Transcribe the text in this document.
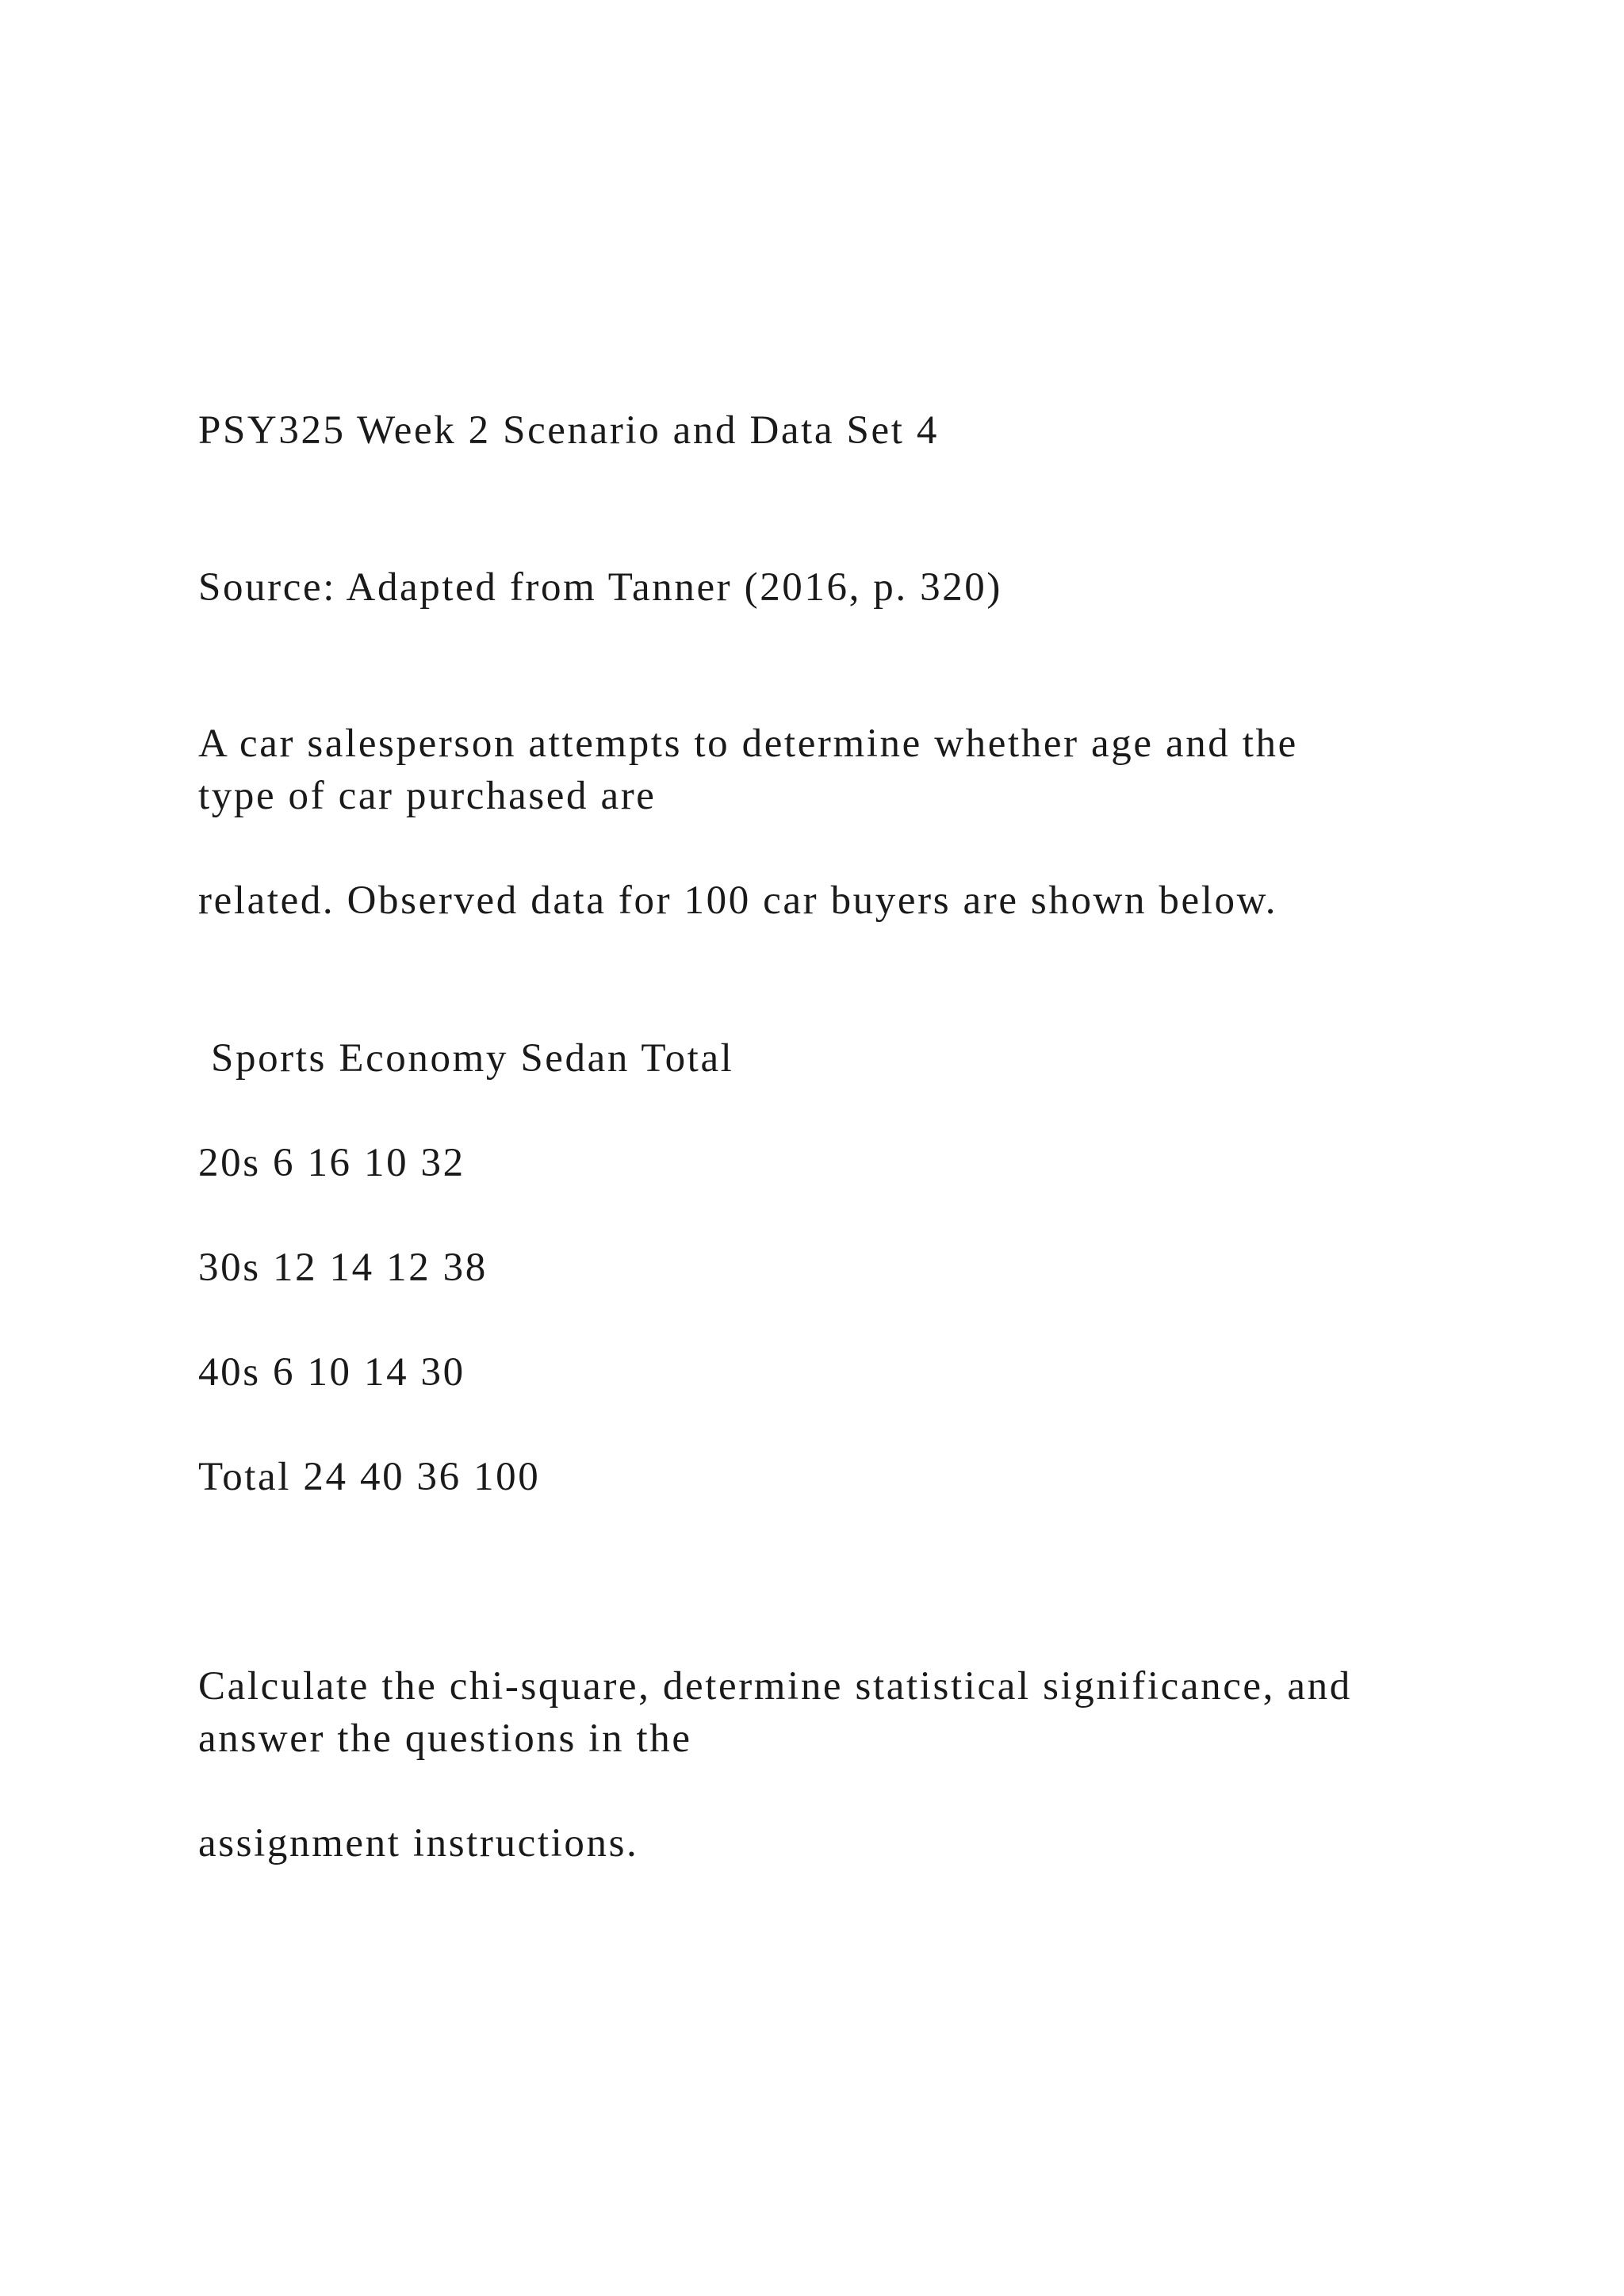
PSY325 Week 2 Scenario and Data Set 4

Source: Adapted from Tanner (2016, p. 320)

A car salesperson attempts to determine whether age and the

type of car purchased are

related. Observed data for 100 car buyers are shown below.

Sports Economy Sedan Total

20s 6 16 10 32

30s 12 14 12 38

40s 6 10 14 30

Total 24 40 36 100

Calculate the chi-square, determine statistical significance, and

answer the questions in the

assignment instructions.
